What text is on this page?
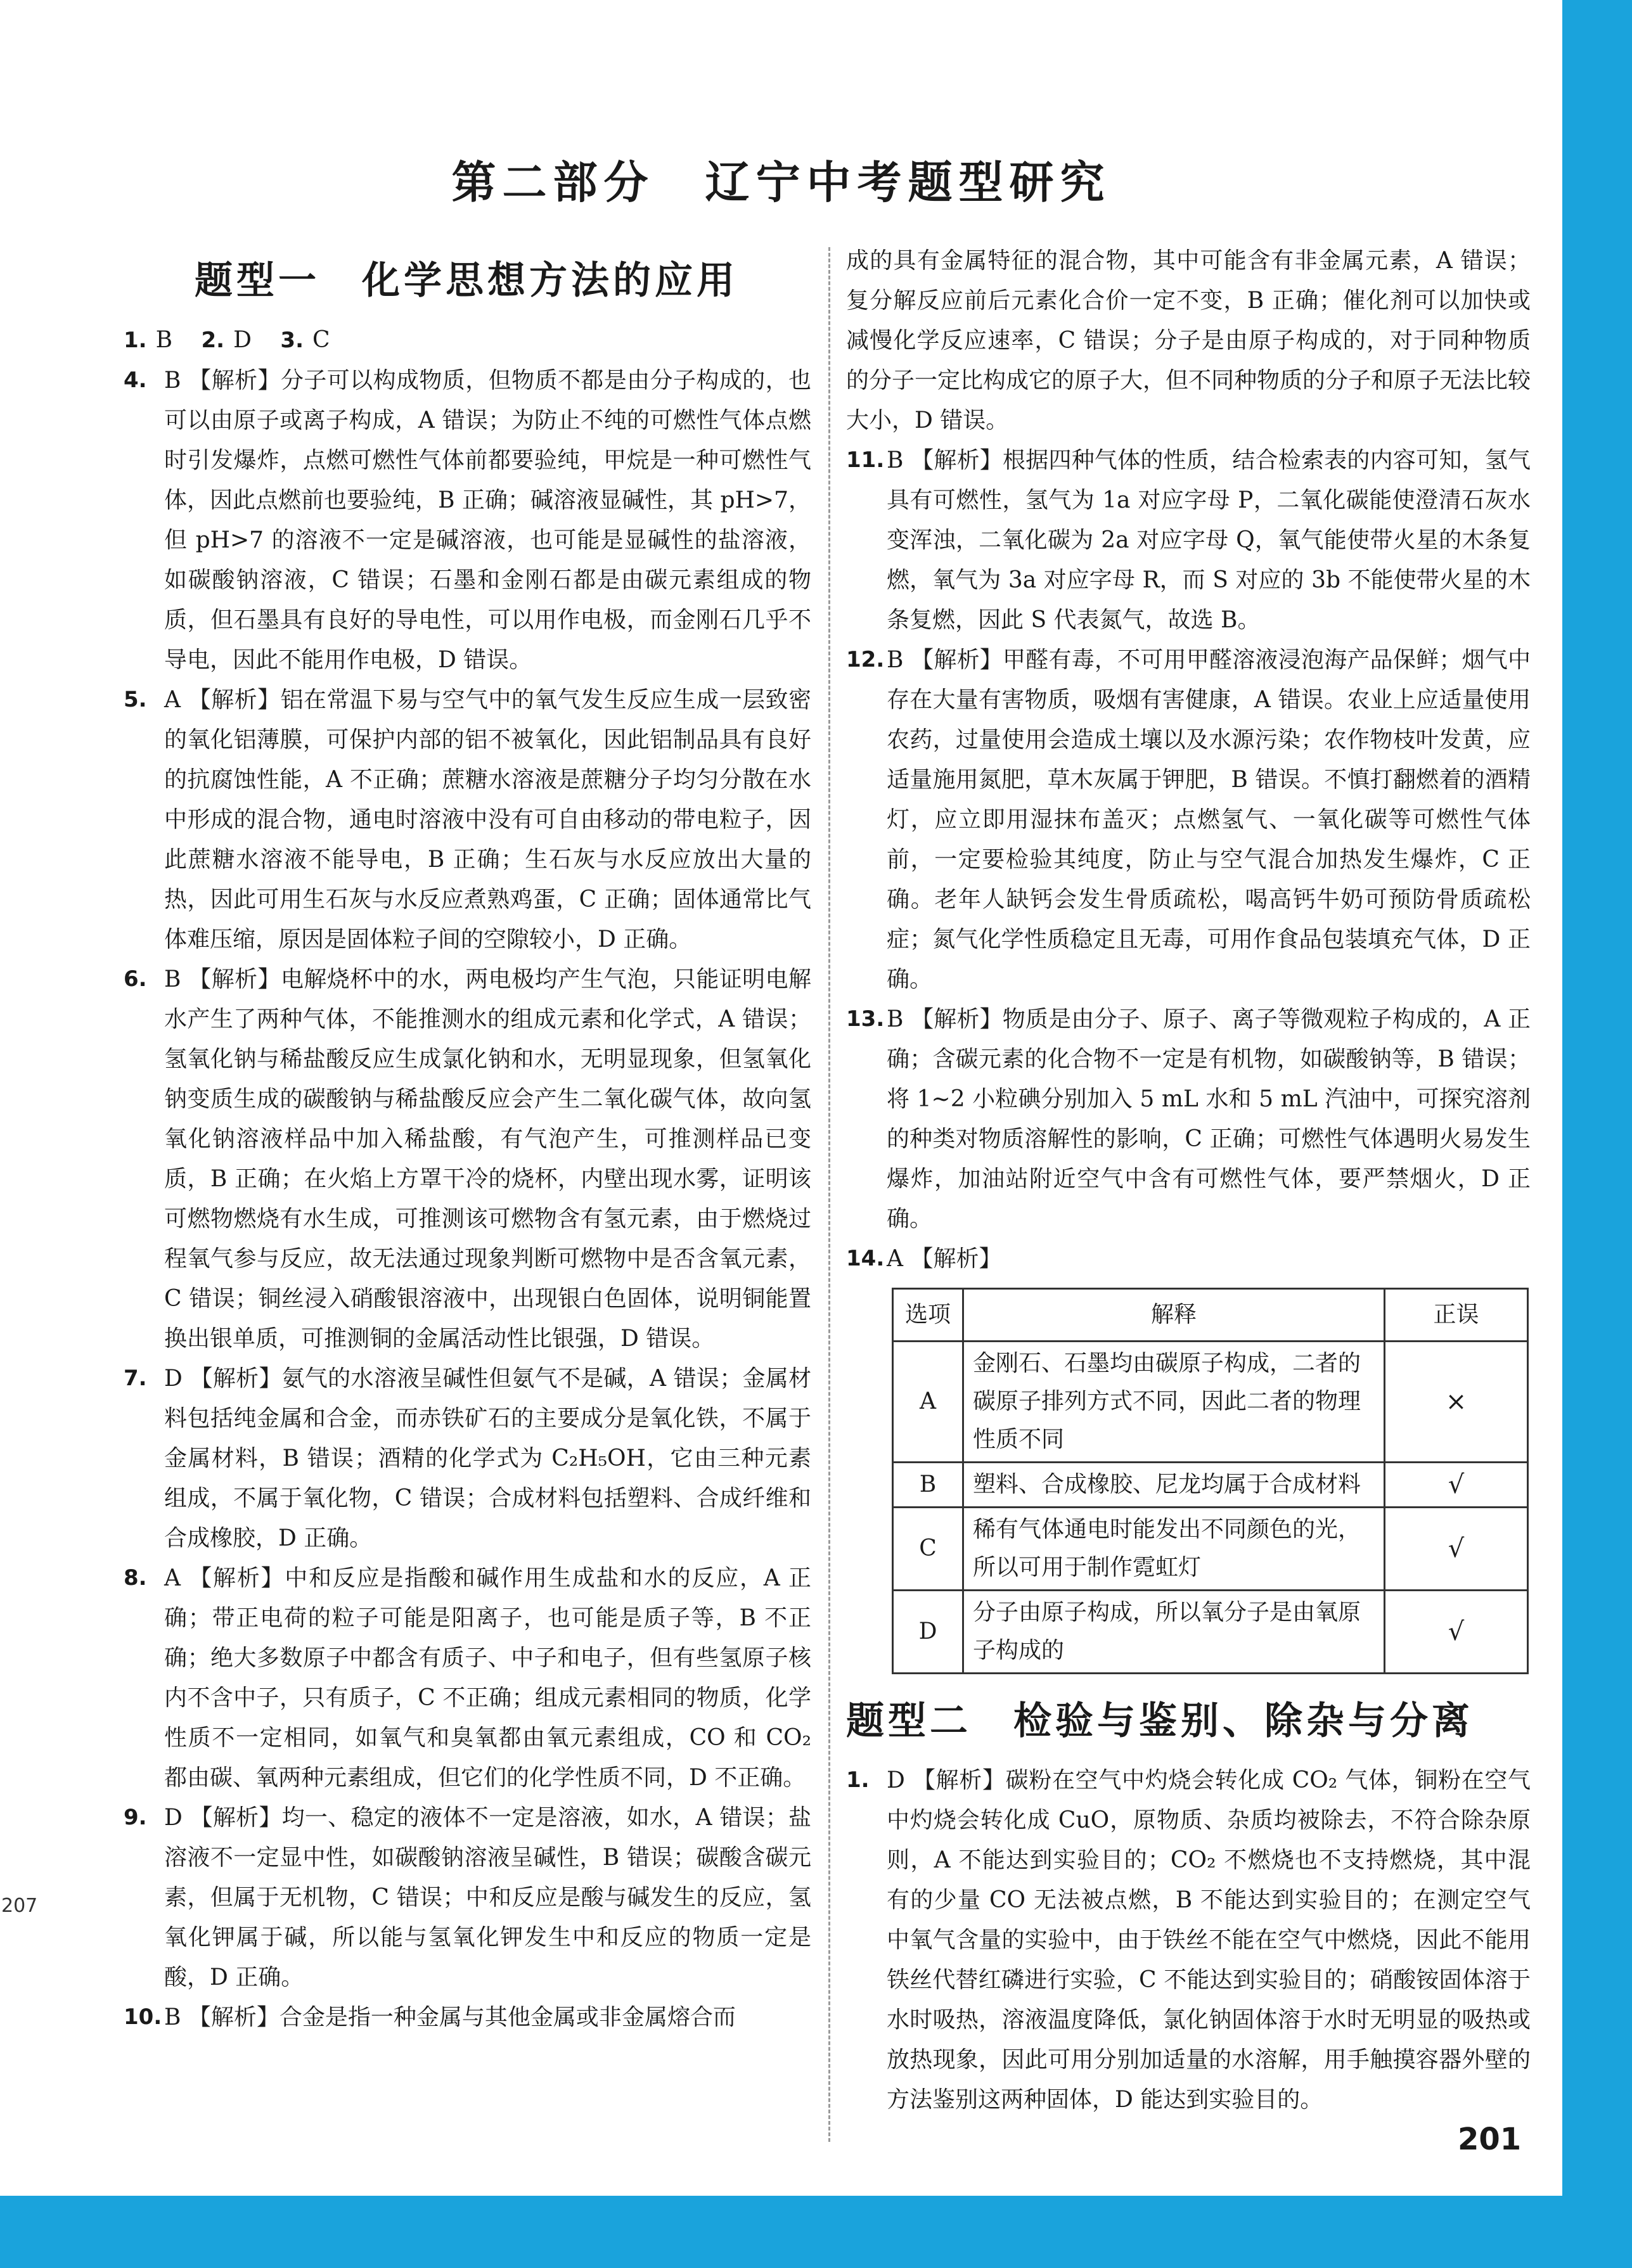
第二部分　辽宁中考题型研究
题型一　化学思想方法的应用
1. B 2. D 3. C
4. B 【解析】分子可以构成物质，但物质不都是由分子构成的，也可以由原子或离子构成，A 错误；为防止不纯的可燃性气体点燃时引发爆炸，点燃可燃性气体前都要验纯，甲烷是一种可燃性气体，因此点燃前也要验纯，B 正确；碱溶液显碱性，其 pH>7，但 pH>7 的溶液不一定是碱溶液，也可能是显碱性的盐溶液，如碳酸钠溶液，C 错误；石墨和金刚石都是由碳元素组成的物质，但石墨具有良好的导电性，可以用作电极，而金刚石几乎不导电，因此不能用作电极，D 错误。
5. A 【解析】铝在常温下易与空气中的氧气发生反应生成一层致密的氧化铝薄膜，可保护内部的铝不被氧化，因此铝制品具有良好的抗腐蚀性能，A 不正确；蔗糖水溶液是蔗糖分子均匀分散在水中形成的混合物，通电时溶液中没有可自由移动的带电粒子，因此蔗糖水溶液不能导电，B 正确；生石灰与水反应放出大量的热，因此可用生石灰与水反应煮熟鸡蛋，C 正确；固体通常比气体难压缩，原因是固体粒子间的空隙较小，D 正确。
6. B 【解析】电解烧杯中的水，两电极均产生气泡，只能证明电解水产生了两种气体，不能推测水的组成元素和化学式，A 错误；氢氧化钠与稀盐酸反应生成氯化钠和水，无明显现象，但氢氧化钠变质生成的碳酸钠与稀盐酸反应会产生二氧化碳气体，故向氢氧化钠溶液样品中加入稀盐酸，有气泡产生，可推测样品已变质，B 正确；在火焰上方罩干冷的烧杯，内壁出现水雾，证明该可燃物燃烧有水生成，可推测该可燃物含有氢元素，由于燃烧过程氧气参与反应，故无法通过现象判断可燃物中是否含氧元素，C 错误；铜丝浸入硝酸银溶液中，出现银白色固体，说明铜能置换出银单质，可推测铜的金属活动性比银强，D 错误。
7. D 【解析】氨气的水溶液呈碱性但氨气不是碱，A 错误；金属材料包括纯金属和合金，而赤铁矿石的主要成分是氧化铁，不属于金属材料，B 错误；酒精的化学式为 C₂H₅OH，它由三种元素组成，不属于氧化物，C 错误；合成材料包括塑料、合成纤维和合成橡胶，D 正确。
8. A 【解析】中和反应是指酸和碱作用生成盐和水的反应，A 正确；带正电荷的粒子可能是阳离子，也可能是质子等，B 不正确；绝大多数原子中都含有质子、中子和电子，但有些氢原子核内不含中子，只有质子，C 不正确；组成元素相同的物质，化学性质不一定相同，如氧气和臭氧都由氧元素组成，CO 和 CO₂ 都由碳、氧两种元素组成，但它们的化学性质不同，D 不正确。
9. D 【解析】均一、稳定的液体不一定是溶液，如水，A 错误；盐溶液不一定显中性，如碳酸钠溶液呈碱性，B 错误；碳酸含碳元素，但属于无机物，C 错误；中和反应是酸与碱发生的反应，氢氧化钾属于碱，所以能与氢氧化钾发生中和反应的物质一定是酸，D 正确。
10. B 【解析】合金是指一种金属与其他金属或非金属熔合而
成的具有金属特征的混合物，其中可能含有非金属元素，A 错误；复分解反应前后元素化合价一定不变，B 正确；催化剂可以加快或减慢化学反应速率，C 错误；分子是由原子构成的，对于同种物质的分子一定比构成它的原子大，但不同种物质的分子和原子无法比较大小，D 错误。
11. B 【解析】根据四种气体的性质，结合检索表的内容可知，氢气具有可燃性，氢气为 1a 对应字母 P，二氧化碳能使澄清石灰水变浑浊，二氧化碳为 2a 对应字母 Q，氧气能使带火星的木条复燃，氧气为 3a 对应字母 R，而 S 对应的 3b 不能使带火星的木条复燃，因此 S 代表氮气，故选 B。
12. B 【解析】甲醛有毒，不可用甲醛溶液浸泡海产品保鲜；烟气中存在大量有害物质，吸烟有害健康，A 错误。农业上应适量使用农药，过量使用会造成土壤以及水源污染；农作物枝叶发黄，应适量施用氮肥，草木灰属于钾肥，B 错误。不慎打翻燃着的酒精灯，应立即用湿抹布盖灭；点燃氢气、一氧化碳等可燃性气体前，一定要检验其纯度，防止与空气混合加热发生爆炸，C 正确。老年人缺钙会发生骨质疏松，喝高钙牛奶可预防骨质疏松症；氮气化学性质稳定且无毒，可用作食品包装填充气体，D 正确。
13. B 【解析】物质是由分子、原子、离子等微观粒子构成的，A 正确；含碳元素的化合物不一定是有机物，如碳酸钠等，B 错误；将 1~2 小粒碘分别加入 5 mL 水和 5 mL 汽油中，可探究溶剂的种类对物质溶解性的影响，C 正确；可燃性气体遇明火易发生爆炸，加油站附近空气中含有可燃性气体，要严禁烟火，D 正确。
14. A 【解析】
选项	解释	正误
A	金刚石、石墨均由碳原子构成，二者的碳原子排列方式不同，因此二者的物理性质不同	×
B	塑料、合成橡胶、尼龙均属于合成材料	√
C	稀有气体通电时能发出不同颜色的光，所以可用于制作霓虹灯	√
D	分子由原子构成，所以氧分子是由氧原子构成的	√
题型二　检验与鉴别、除杂与分离
1. D 【解析】碳粉在空气中灼烧会转化成 CO₂ 气体，铜粉在空气中灼烧会转化成 CuO，原物质、杂质均被除去，不符合除杂原则，A 不能达到实验目的；CO₂ 不燃烧也不支持燃烧，其中混有的少量 CO 无法被点燃，B 不能达到实验目的；在测定空气中氧气含量的实验中，由于铁丝不能在空气中燃烧，因此不能用铁丝代替红磷进行实验，C 不能达到实验目的；硝酸铵固体溶于水时吸热，溶液温度降低，氯化钠固体溶于水时无明显的吸热或放热现象，因此可用分别加适量的水溶解，用手触摸容器外壁的方法鉴别这两种固体，D 能达到实验目的。
207
201
